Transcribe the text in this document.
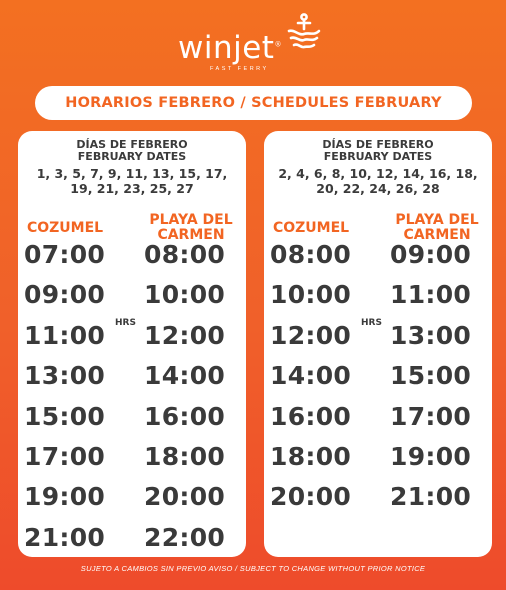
winjet®
FAST FERRY
HORARIOS FEBRERO / SCHEDULES FEBRUARY
DÍAS DE FEBRERO
FEBRUARY DATES
1, 3, 5, 7, 9, 11, 13, 15, 17,
19, 21, 23, 25, 27
COZUMEL	PLAYA DEL
CARMEN
07:00 08:00
09:00 10:00
11:00 HRS 12:00
13:00 14:00
15:00 16:00
17:00 18:00
19:00 20:00
21:00 22:00
DÍAS DE FEBRERO
FEBRUARY DATES
2, 4, 6, 8, 10, 12, 14, 16, 18,
20, 22, 24, 26, 28
COZUMEL	PLAYA DEL
CARMEN
08:00 09:00
10:00 11:00
12:00 HRS 13:00
14:00 15:00
16:00 17:00
18:00 19:00
20:00 21:00
SUJETO A CAMBIOS SIN PREVIO AVISO / SUBJECT TO CHANGE WITHOUT PRIOR NOTICE
